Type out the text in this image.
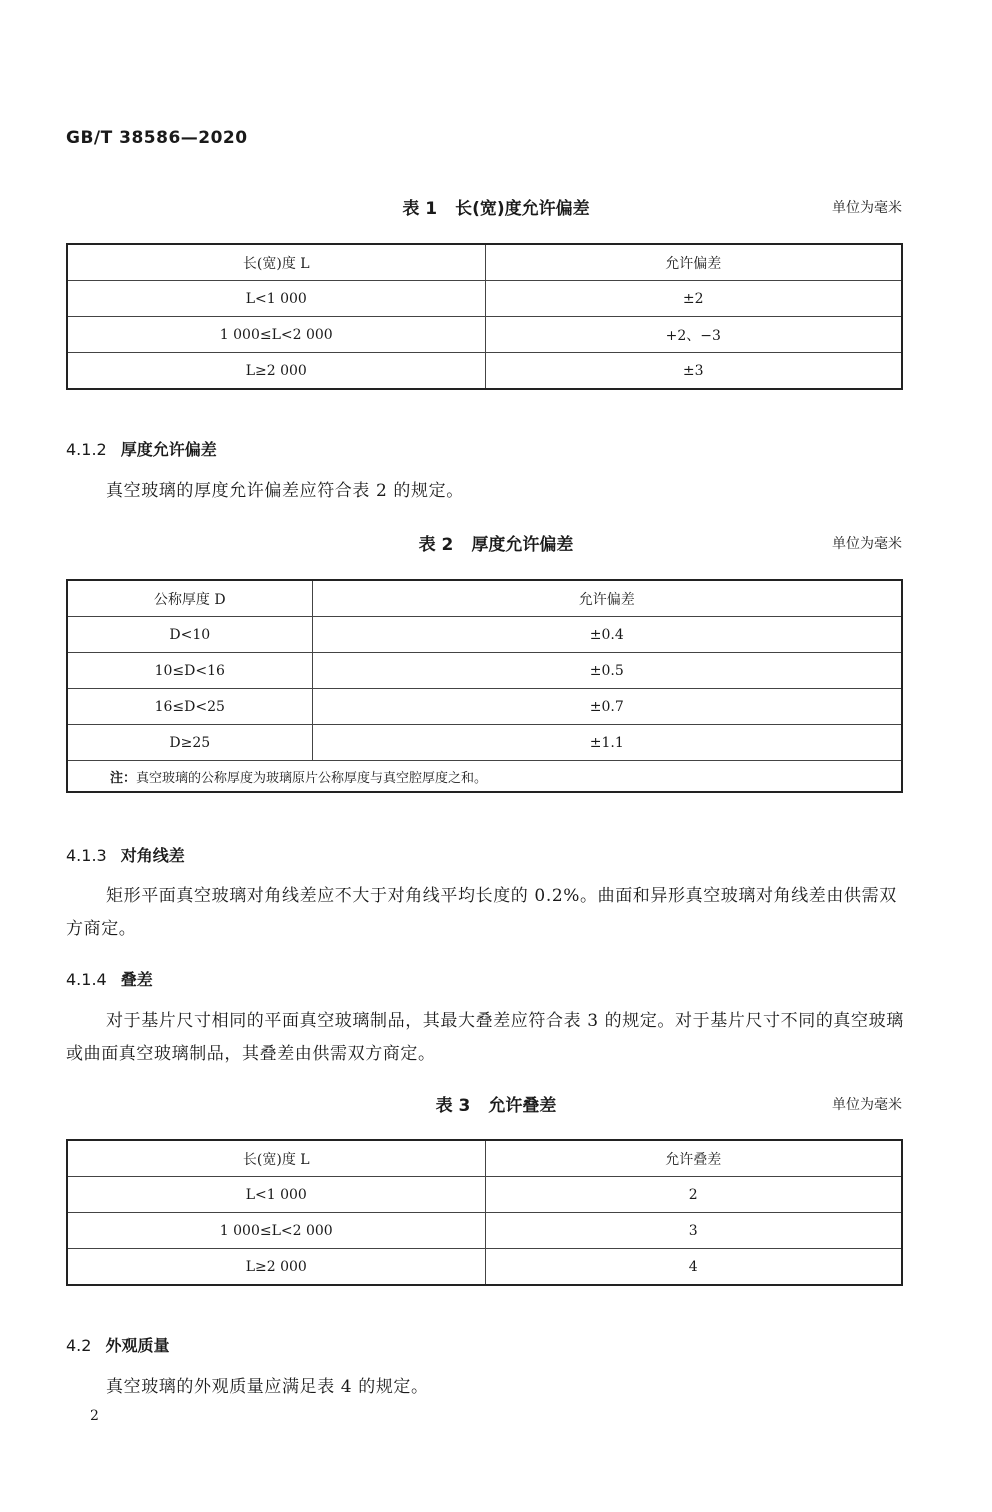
GB/T 38586—2020
表 1 长(宽)度允许偏差	单位为毫米
长(宽)度 L	允许偏差
L<1 000	±2
1 000≤L<2 000	+2、−3
L≥2 000	±3
4.1.2 厚度允许偏差
真空玻璃的厚度允许偏差应符合表 2 的规定。
表 2 厚度允许偏差	单位为毫米
公称厚度 D	允许偏差
D<10	±0.4
10≤D<16	±0.5
16≤D<25	±0.7
D≥25	±1.1
注：真空玻璃的公称厚度为玻璃原片公称厚度与真空腔厚度之和。	
4.1.3 对角线差
矩形平面真空玻璃对角线差应不大于对角线平均长度的 0.2%。曲面和异形真空玻璃对角线差由供需双方商定。
4.1.4 叠差
对于基片尺寸相同的平面真空玻璃制品，其最大叠差应符合表 3 的规定。对于基片尺寸不同的真空玻璃或曲面真空玻璃制品，其叠差由供需双方商定。
表 3 允许叠差	单位为毫米
长(宽)度 L	允许叠差
L<1 000	2
1 000≤L<2 000	3
L≥2 000	4
4.2 外观质量
真空玻璃的外观质量应满足表 4 的规定。
2
